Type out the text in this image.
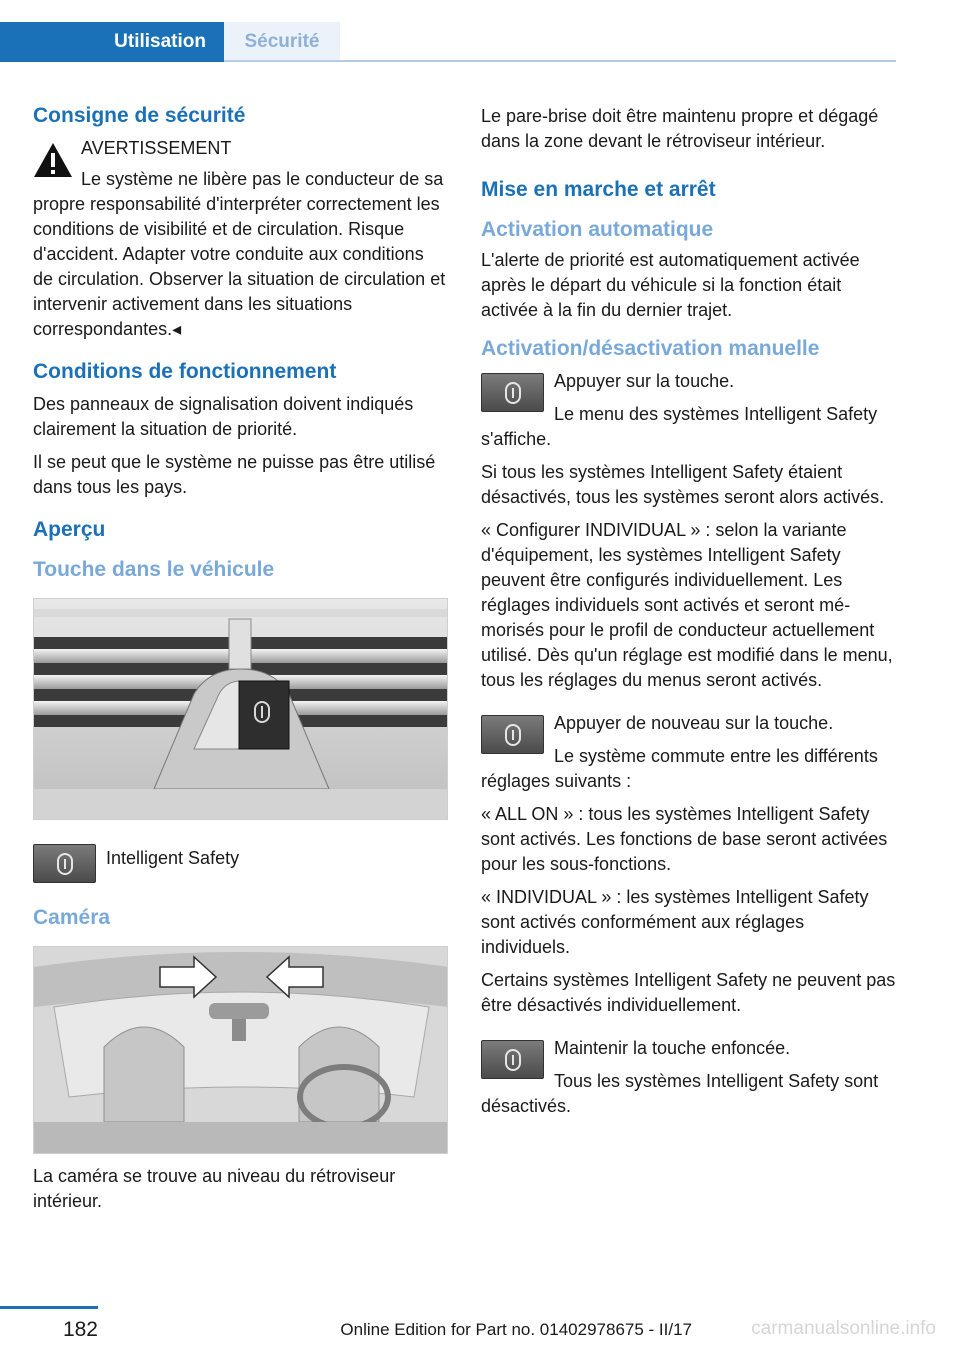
Utilisation	Sécurité
Consigne de sécurité
AVERTISSEMENT
Le système ne libère pas le conducteur de sa propre responsabilité d'interpréter correctement les conditions de visibilité et de circulation. Risque d'accident. Adapter votre conduite aux conditions de circulation. Observer la situation de circulation et intervenir activement dans les situations correspondantes.◂
Conditions de fonctionnement

Des panneaux de signalisation doivent indiqués clairement la situation de priorité.

Il se peut que le système ne puisse pas être utilisé dans tous les pays.

Aperçu
Touche dans le véhicule
Intelligent Safety
Caméra

La caméra se trouve au niveau du rétroviseur intérieur.

Le pare-brise doit être maintenu propre et dégagé dans la zone devant le rétroviseur intérieur.

Mise en marche et arrêt
Activation automatique

L'alerte de priorité est automatiquement activée après le départ du véhicule si la fonction était activée à la fin du dernier trajet.

Activation/désactivation manuelle
Appuyer sur la touche.
Le menu des systèmes Intelligent Safety s'affiche.

Si tous les systèmes Intelligent Safety étaient désactivés, tous les systèmes seront alors activés.

« Configurer INDIVIDUAL » : selon la variante d'équipement, les systèmes Intelligent Safety peuvent être configurés individuellement. Les réglages individuels sont activés et seront mémorisés pour le profil de conducteur actuellement utilisé. Dès qu'un réglage est modifié dans le menu, tous les réglages du menus seront activés.

Appuyer de nouveau sur la touche.
Le système commute entre les différents réglages suivants :

« ALL ON » : tous les systèmes Intelligent Safety sont activés. Les fonctions de base seront activées pour les sous-fonctions.

« INDIVIDUAL » : les systèmes Intelligent Safety sont activés conformément aux réglages individuels.

Certains systèmes Intelligent Safety ne peuvent pas être désactivés individuellement.

Maintenir la touche enfoncée.
Tous les systèmes Intelligent Safety sont désactivés.
182	Online Edition for Part no. 01402978675 - II/17	carmanualsonline.info
